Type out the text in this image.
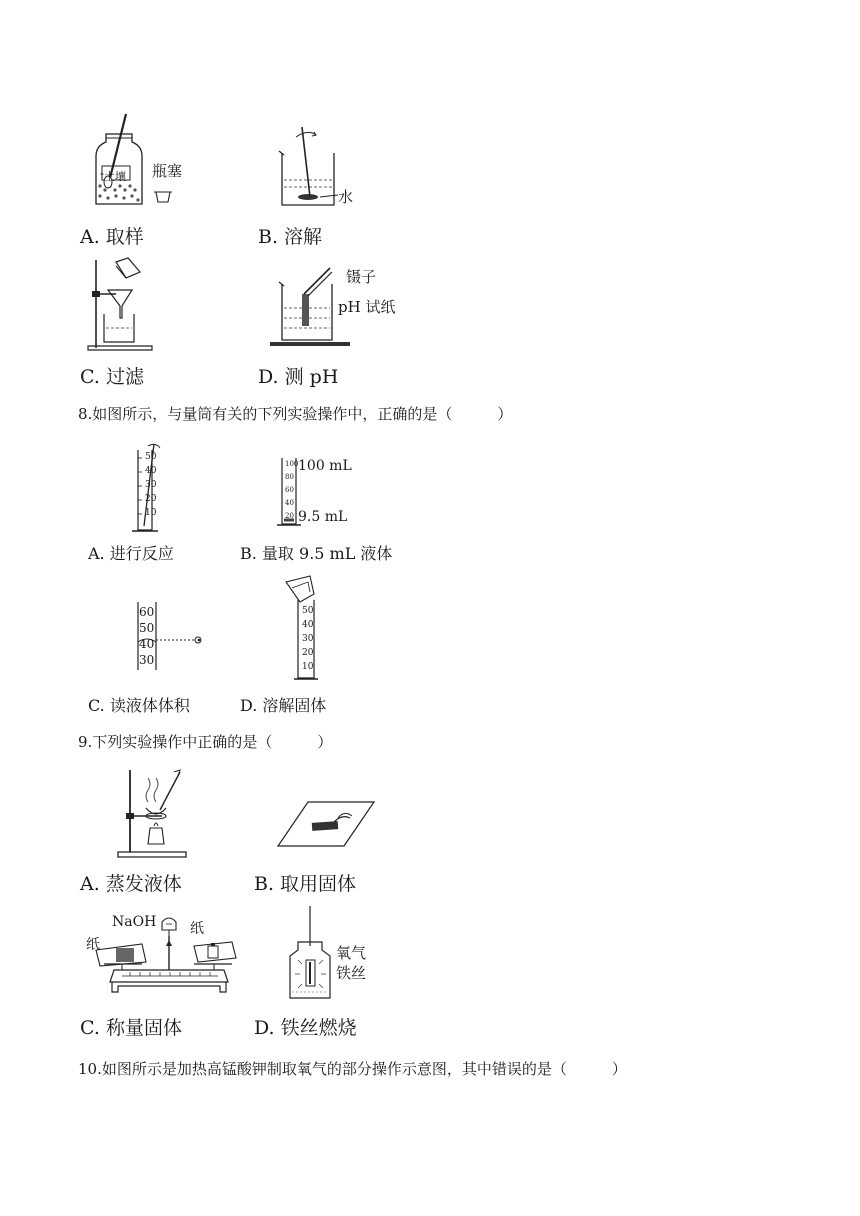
土壤 瓶塞
A. 取样
水
B. 溶解
C. 过滤
镊子
pH 试纸
D. 测 pH
8.如图所示，与量筒有关的下列实验操作中，正确的是（　　　）
50
40
30
20
10
A. 进行反应
100
80
60
40
20
100 mL
9.5 mL
B. 量取 9.5 mL 液体
60
50
40
30
C. 读液体体积
50
40
30
20
10
D. 溶解固体
9.下列实验操作中正确的是（　　　）
A. 蒸发液体	B. 取用固体
NaOH
纸
纸
C. 称量固体
氧气
铁丝
D. 铁丝燃烧
10.如图所示是加热高锰酸钾制取氧气的部分操作示意图，其中错误的是（　　　）
